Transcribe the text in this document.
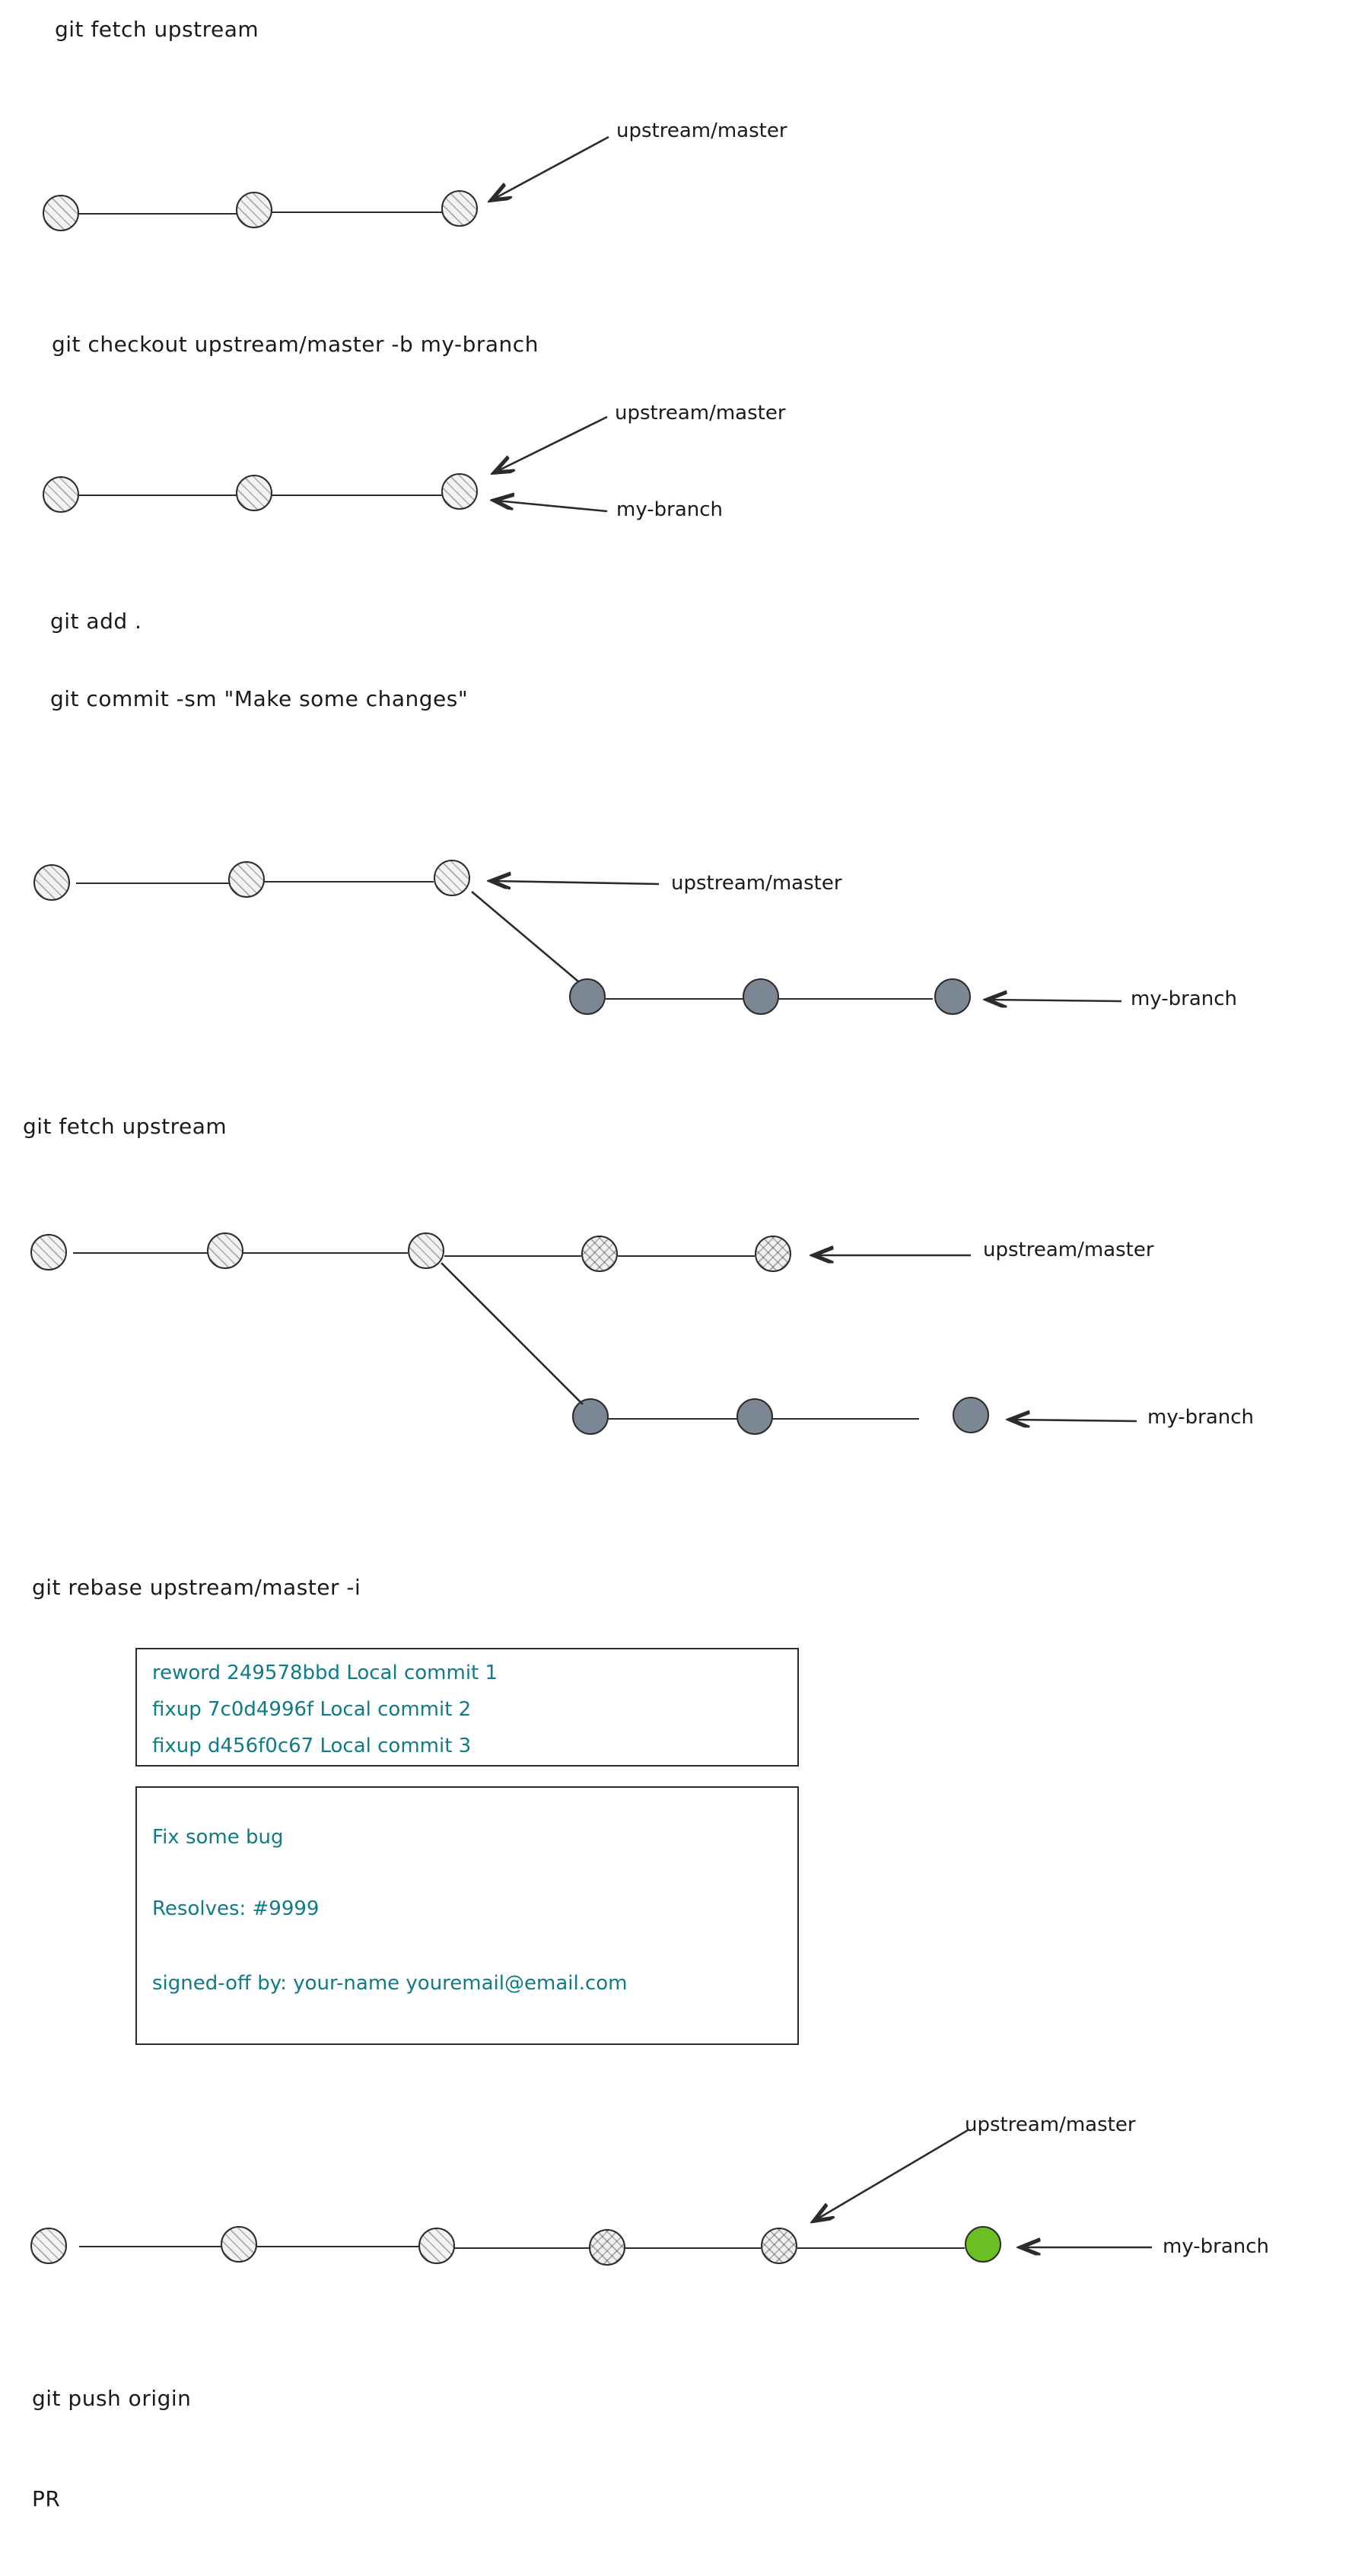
git fetch upstream
upstream/master
git checkout upstream/master -b my-branch
upstream/master
my-branch
git add .
git commit -sm "Make some changes"
upstream/master
my-branch
git fetch upstream
upstream/master
my-branch
git rebase upstream/master -i
reword 249578bbd Local commit 1
fixup 7c0d4996f Local commit 2
fixup d456f0c67 Local commit 3
Fix some bug
Resolves: #9999
signed-off by: your-name youremail@email.com
upstream/master
my-branch
git push origin
PR
